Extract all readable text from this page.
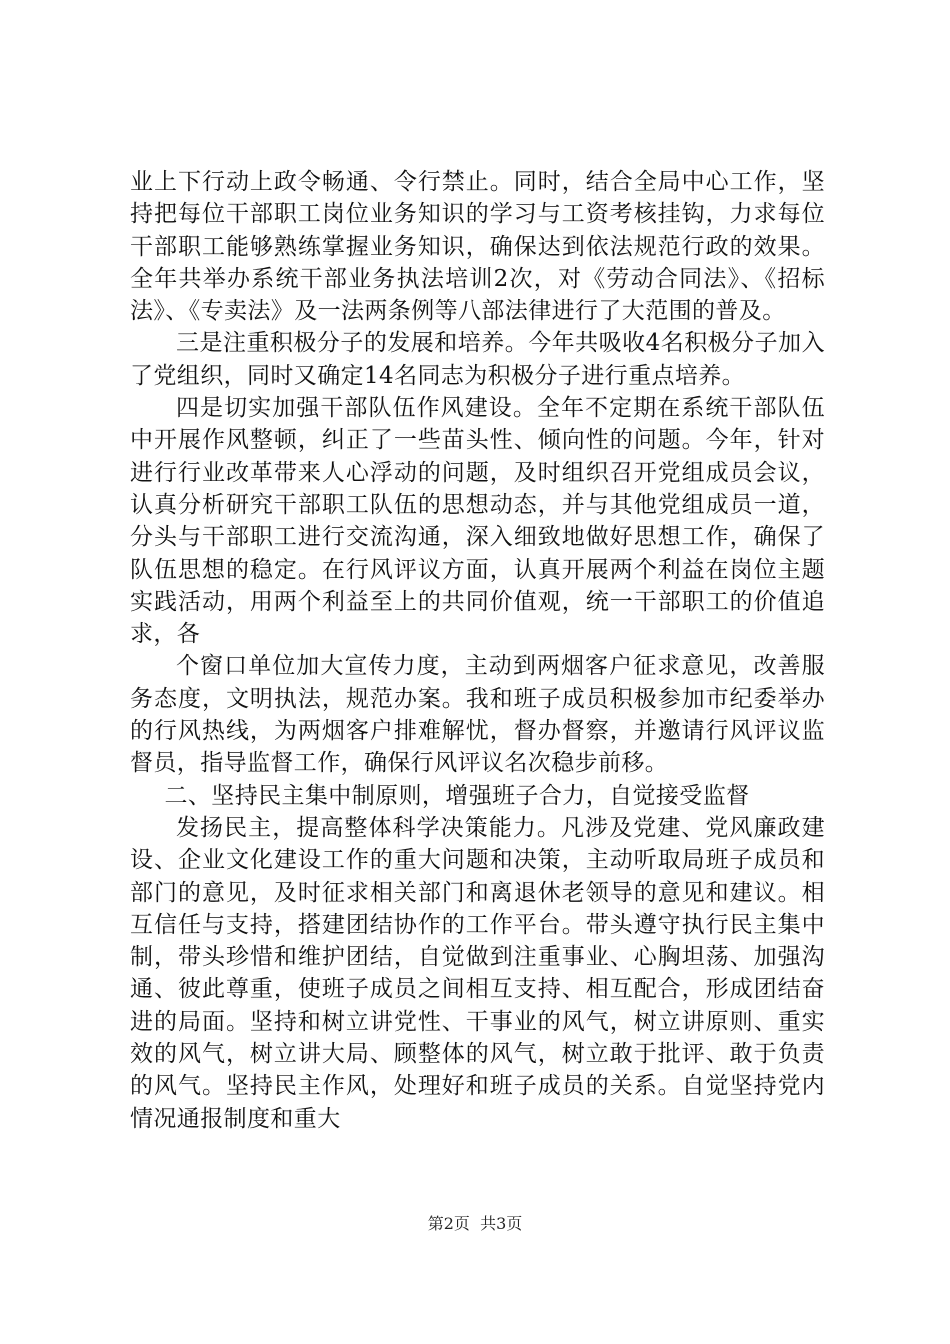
业上下行动上政令畅通、令行禁止。同时，结合全局中心工作，坚持把每位干部职工岗位业务知识的学习与工资考核挂钩，力求每位干部职工能够熟练掌握业务知识，确保达到依法规范行政的效果。全年共举办系统干部业务执法培训2次，对《劳动合同法》、《招标法》、《专卖法》及一法两条例等八部法律进行了大范围的普及。

三是注重积极分子的发展和培养。今年共吸收4名积极分子加入了党组织，同时又确定14名同志为积极分子进行重点培养。

四是切实加强干部队伍作风建设。全年不定期在系统干部队伍中开展作风整顿，纠正了一些苗头性、倾向性的问题。今年，针对进行行业改革带来人心浮动的问题，及时组织召开党组成员会议，认真分析研究干部职工队伍的思想动态，并与其他党组成员一道，分头与干部职工进行交流沟通，深入细致地做好思想工作，确保了队伍思想的稳定。在行风评议方面，认真开展两个利益在岗位主题实践活动，用两个利益至上的共同价值观，统一干部职工的价值追求，各

个窗口单位加大宣传力度，主动到两烟客户征求意见，改善服务态度，文明执法，规范办案。我和班子成员积极参加市纪委举办的行风热线，为两烟客户排难解忧，督办督察，并邀请行风评议监督员，指导监督工作，确保行风评议名次稳步前移。

二、坚持民主集中制原则，增强班子合力，自觉接受监督

发扬民主，提高整体科学决策能力。凡涉及党建、党风廉政建设、企业文化建设工作的重大问题和决策，主动听取局班子成员和部门的意见，及时征求相关部门和离退休老领导的意见和建议。相互信任与支持，搭建团结协作的工作平台。带头遵守执行民主集中制，带头珍惜和维护团结，自觉做到注重事业、心胸坦荡、加强沟通、彼此尊重，使班子成员之间相互支持、相互配合，形成团结奋进的局面。坚持和树立讲党性、干事业的风气，树立讲原则、重实效的风气，树立讲大局、顾整体的风气，树立敢于批评、敢于负责的风气。坚持民主作风，处理好和班子成员的关系。自觉坚持党内情况通报制度和重大

第2页  共3页
